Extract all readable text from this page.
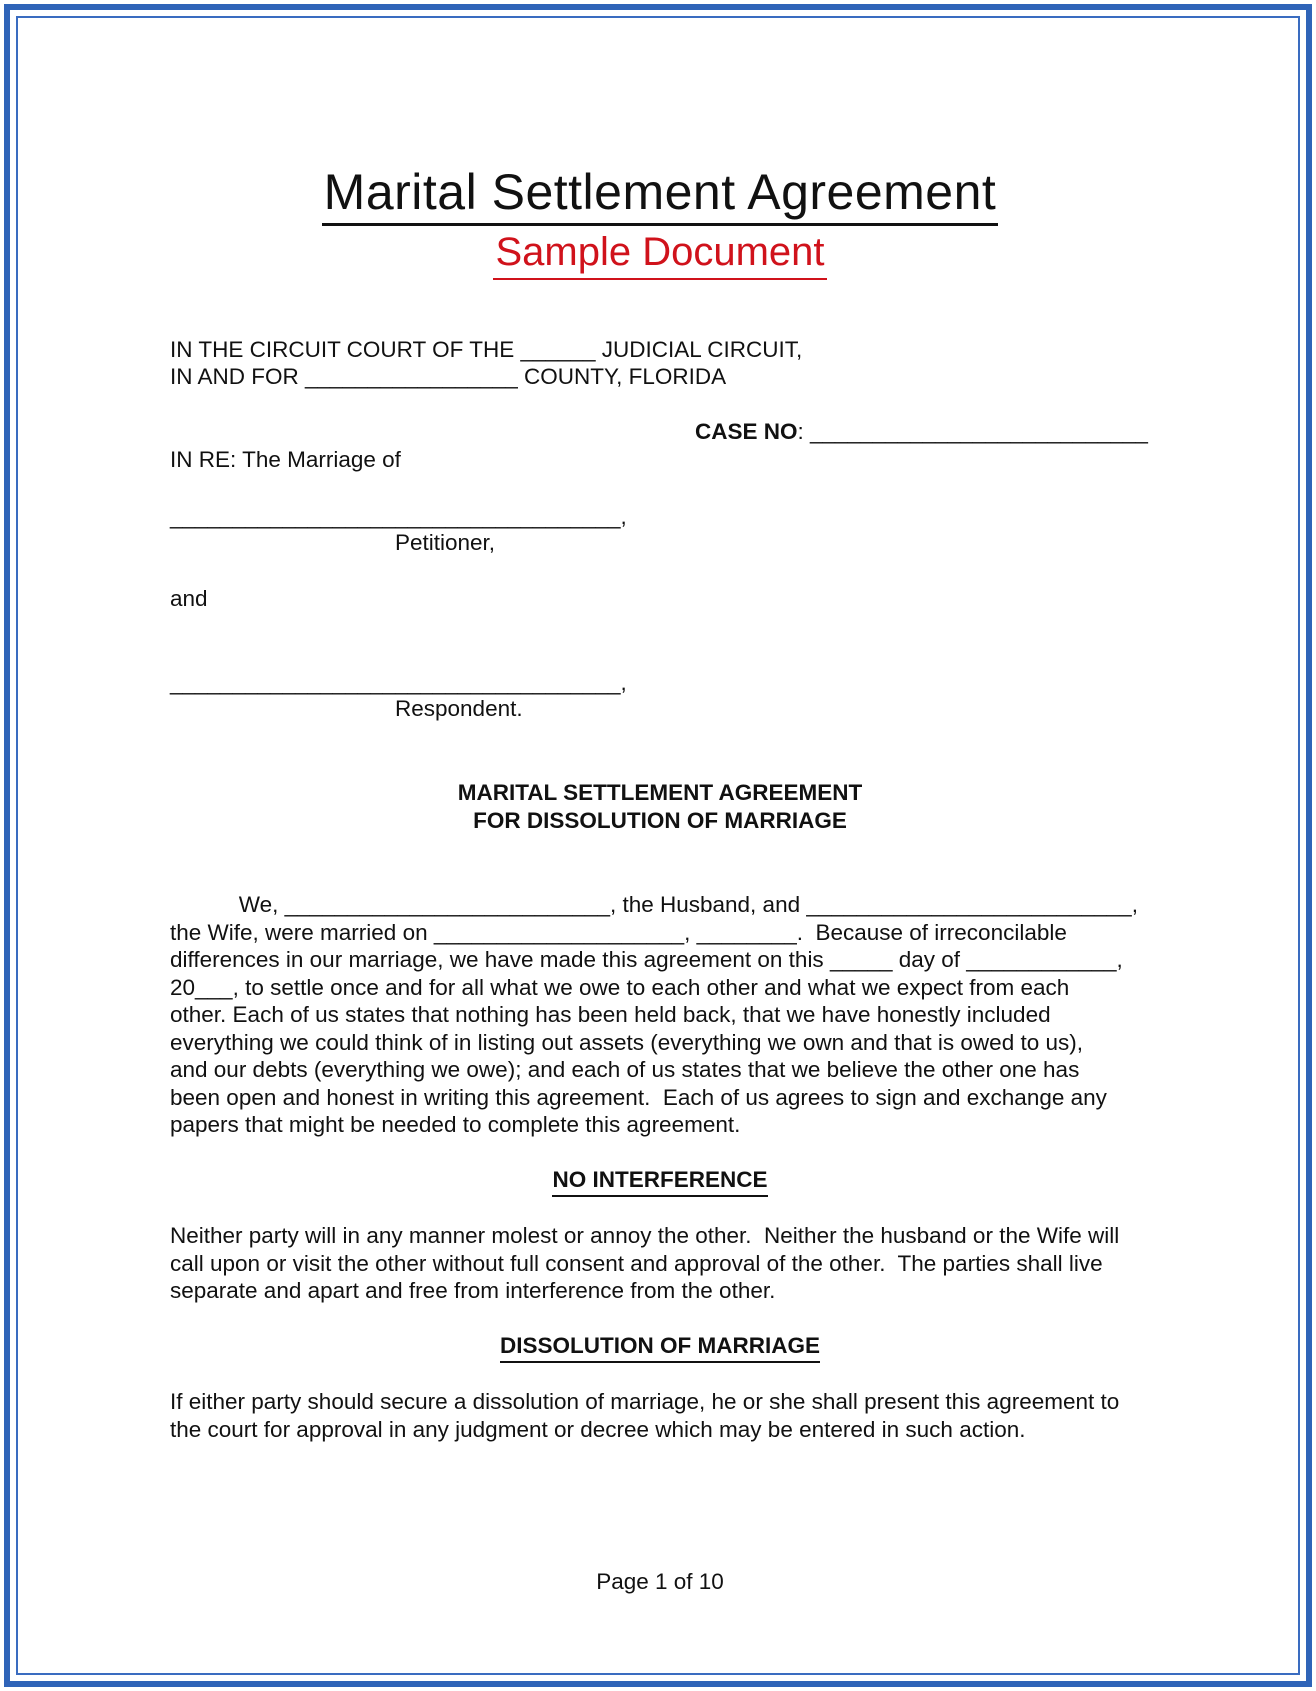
Marital Settlement Agreement
Sample Document

IN THE CIRCUIT COURT OF THE ______ JUDICIAL CIRCUIT,

IN AND FOR _________________ COUNTY, FLORIDA

CASE NO: ___________________________

IN RE: The Marriage of

____________________________________,

Petitioner,

and

____________________________________,

Respondent.

MARITAL SETTLEMENT AGREEMENT
FOR DISSOLUTION OF MARRIAGE

We, __________________________, the Husband, and __________________________,

the Wife, were married on ____________________, ________.  Because of irreconcilable

differences in our marriage, we have made this agreement on this _____ day of ____________,

20___, to settle once and for all what we owe to each other and what we expect from each

other. Each of us states that nothing has been held back, that we have honestly included

everything we could think of in listing out assets (everything we own and that is owed to us),

and our debts (everything we owe); and each of us states that we believe the other one has

been open and honest in writing this agreement.  Each of us agrees to sign and exchange any

papers that might be needed to complete this agreement.

NO INTERFERENCE

Neither party will in any manner molest or annoy the other.  Neither the husband or the Wife will

call upon or visit the other without full consent and approval of the other.  The parties shall live

separate and apart and free from interference from the other.

DISSOLUTION OF MARRIAGE

If either party should secure a dissolution of marriage, he or she shall present this agreement to

the court for approval in any judgment or decree which may be entered in such action.

Page 1 of 10
